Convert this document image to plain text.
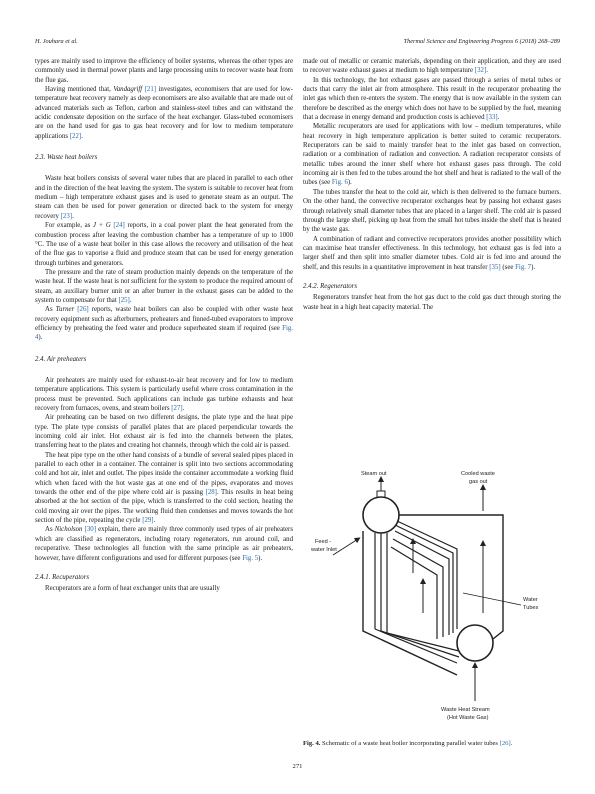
H. Jouhara et al.	Thermal Science and Engineering Progress 6 (2018) 268–289

types are mainly used to improve the efficiency of boiler systems, whereas the other types are commonly used in thermal power plants and large processing units to recover waste heat from the flue gas.

Having mentioned that, Vandagriff [21] investigates, economisers that are used for low-temperature heat recovery namely as deep economisers are also available that are made out of advanced materials such as Teflon, carbon and stainless-steel tubes and can withstand the acidic condensate deposition on the surface of the heat exchanger. Glass-tubed economisers are on the hand used for gas to gas heat recovery and for low to medium temperature applications [22].

2.3. Waste heat boilers

Waste heat boilers consists of several water tubes that are placed in parallel to each other and in the direction of the heat leaving the system. The system is suitable to recover heat from medium – high temperature exhaust gases and is used to generate steam as an output. The steam can then be used for power generation or directed back to the system for energy recovery [23].

For example, as J + G [24] reports, in a coal power plant the heat generated from the combustion process after leaving the combustion chamber has a temperature of up to 1000 °C. The use of a waste heat boiler in this case allows the recovery and utilisation of the heat of the flue gas to vaporise a fluid and produce steam that can be used for energy generation through turbines and generators.

The pressure and the rate of steam production mainly depends on the temperature of the waste heat. If the waste heat is not sufficient for the system to produce the required amount of steam, an auxiliary burner unit or an after burner in the exhaust gases can be added to the system to compensate for that [25].

As Turner [26] reports, waste heat boilers can also be coupled with other waste heat recovery equipment such as afterburners, preheaters and finned-tubed evaporators to improve efficiency by preheating the feed water and produce superheated steam if required (see Fig. 4).

2.4. Air preheaters

Air preheaters are mainly used for exhaust-to-air heat recovery and for low to medium temperature applications. This system is particularly useful where cross contamination in the process must be prevented. Such applications can include gas turbine exhausts and heat recovery from furnaces, ovens, and steam boilers [27].

Air preheating can be based on two different designs, the plate type and the heat pipe type. The plate type consists of parallel plates that are placed perpendicular towards the incoming cold air inlet. Hot exhaust air is fed into the channels between the plates, transferring heat to the plates and creating hot channels, through which the cold air is passed.

The heat pipe type on the other hand consists of a bundle of several sealed pipes placed in parallel to each other in a container. The container is split into two sections accommodating cold and hot air, inlet and outlet. The pipes inside the container accommodate a working fluid which when faced with the hot waste gas at one end of the pipes, evaporates and moves towards the other end of the pipe where cold air is passing [28]. This results in heat being absorbed at the hot section of the pipe, which is transferred to the cold section, heating the cold moving air over the pipes. The working fluid then condenses and moves towards the hot section of the pipe, repeating the cycle [29].

As Nicholson [30] explain, there are mainly three commonly used types of air preheaters which are classified as regenerators, including rotary regenerators, run around coil, and recuperative. These technologies all function with the same principle as air preheaters, however, have different configurations and used for different purposes (see Fig. 5).

2.4.1. Recuperators

Recuperators are a form of heat exchanger units that are usually

made out of metallic or ceramic materials, depending on their application, and they are used to recover waste exhaust gases at medium to high temperature [32].

In this technology, the hot exhaust gases are passed through a series of metal tubes or ducts that carry the inlet air from atmosphere. This result in the recuperator preheating the inlet gas which then re-enters the system. The energy that is now available in the system can therefore be described as the energy which does not have to be supplied by the fuel, meaning that a decrease in energy demand and production costs is achieved [33].

Metallic recuperators are used for applications with low – medium temperatures, while heat recovery in high temperature application is better suited to ceramic recuperators. Recuperators can be said to mainly transfer heat to the inlet gas based on convection, radiation or a combination of radiation and convection. A radiation recuperator consists of metallic tubes around the inner shelf where hot exhaust gases pass through. The cold incoming air is then fed to the tubes around the hot shelf and heat is radiated to the wall of the tubes (see Fig. 6).

The tubes transfer the heat to the cold air, which is then delivered to the furnace burners. On the other hand, the convective recuperator exchanges heat by passing hot exhaust gases through relatively small diameter tubes that are placed in a larger shelf. The cold air is passed through the large shelf, picking up heat from the small hot tubes inside the shelf that is heated by the waste gas.

A combination of radiant and convective recuperators provides another possibility which can maximise heat transfer effectiveness. In this technology, hot exhaust gas is fed into a larger shelf and then split into smaller diameter tubes. Cold air is fed into and around the shelf, and this results in a quantitative improvement in heat transfer [35] (see Fig. 7).

2.4.2. Regenerators

Regenerators transfer heat from the hot gas duct to the cold gas duct through storing the waste heat in a high heat capacity material. The

Steam out	Cooled waste
gas out
Feed -
water Inlet
Water
Tubes
Waste Heat Stream
(Hot Waste Gas)
Fig. 4. Schematic of a waste heat boiler incorporating parallel water tubes [26].
271
